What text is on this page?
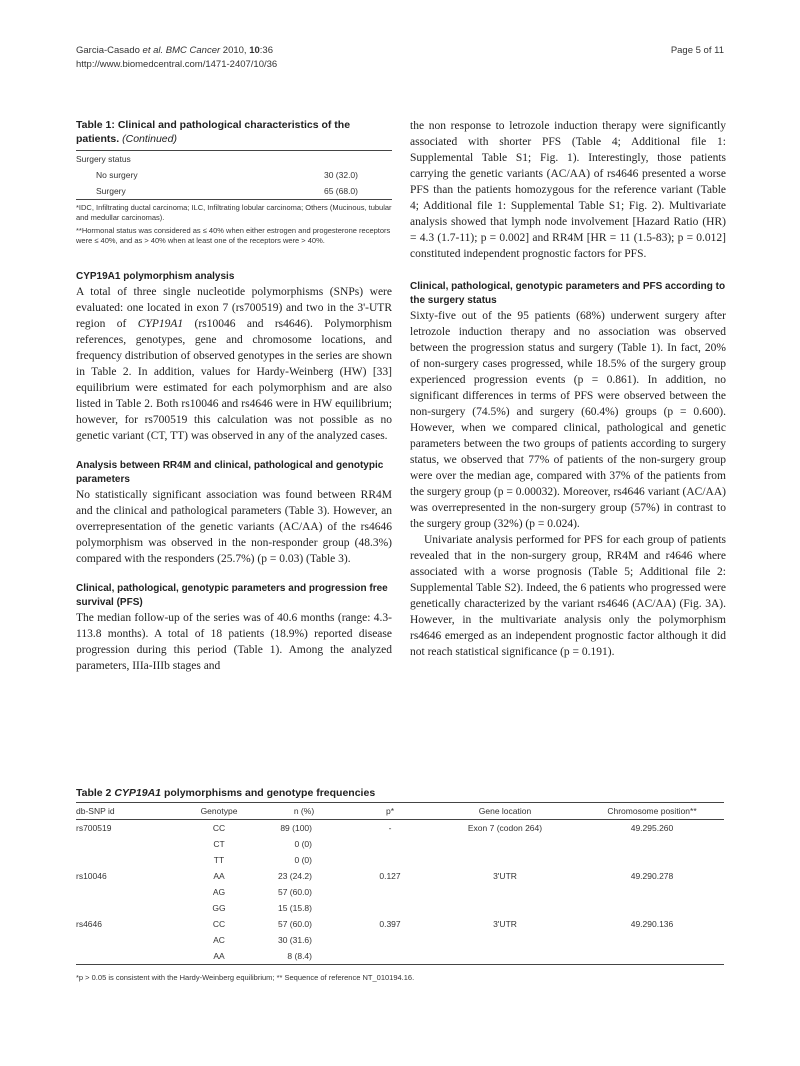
Garcia-Casado et al. BMC Cancer 2010, 10:36
http://www.biomedcentral.com/1471-2407/10/36
Page 5 of 11
Table 1: Clinical and pathological characteristics of the patients. (Continued)
Surgery status	
No surgery	30 (32.0)
Surgery	65 (68.0)

*IDC, Infiltrating ductal carcinoma; ILC, Infiltrating lobular carcinoma; Others (Mucinous, tubular and medullar carcinomas).

**Hormonal status was considered as ≤ 40% when either estrogen and progesterone receptors were ≤ 40%, and as > 40% when at least one of the receptors were > 40%.

CYP19A1 polymorphism analysis

A total of three single nucleotide polymorphisms (SNPs) were evaluated: one located in exon 7 (rs700519) and two in the 3'-UTR region of CYP19A1 (rs10046 and rs4646). Polymorphism references, genotypes, gene and chromosome locations, and frequency distribution of observed genotypes in the series are shown in Table 2. In addition, values for Hardy-Weinberg (HW) [33] equilibrium were estimated for each polymorphism and are also listed in Table 2. Both rs10046 and rs4646 were in HW equilibrium; however, for rs700519 this calculation was not possible as no genetic variant (CT, TT) was observed in any of the analyzed cases.

Analysis between RR4M and clinical, pathological and genotypic parameters

No statistically significant association was found between RR4M and the clinical and pathological parameters (Table 3). However, an overrepresentation of the genetic variants (AC/AA) of the rs4646 polymorphism was observed in the non-responder group (48.3%) compared with the responders (25.7%) (p = 0.03) (Table 3).

Clinical, pathological, genotypic parameters and progression free survival (PFS)

The median follow-up of the series was of 40.6 months (range: 4.3-113.8 months). A total of 18 patients (18.9%) reported disease progression during this period (Table 1). Among the analyzed parameters, IIIa-IIIb stages and

the non response to letrozole induction therapy were significantly associated with shorter PFS (Table 4; Additional file 1: Supplemental Table S1; Fig. 1). Interestingly, those patients carrying the genetic variants (AC/AA) of rs4646 presented a worse PFS than the patients homozygous for the reference variant (Table 4; Additional file 1: Supplemental Table S1; Fig. 2). Multivariate analysis showed that lymph node involvement [Hazard Ratio (HR) = 4.3 (1.7-11); p = 0.002] and RR4M [HR = 11 (1.5-83); p = 0.012] constituted independent prognostic factors for PFS.

Clinical, pathological, genotypic parameters and PFS according to the surgery status

Sixty-five out of the 95 patients (68%) underwent surgery after letrozole induction therapy and no association was observed between the progression status and surgery (Table 1). In fact, 20% of non-surgery cases progressed, while 18.5% of the surgery group experienced progression events (p = 0.861). In addition, no significant differences in terms of PFS were observed between the non-surgery (74.5%) and surgery (60.4%) groups (p = 0.600). However, when we compared clinical, pathological and genetic parameters between the two groups of patients according to surgery status, we observed that 77% of patients of the non-surgery group were over the median age, compared with 37% of the patients from the surgery group (p = 0.00032). Moreover, rs4646 variant (AC/AA) was overrepresented in the non-surgery group (57%) in contrast to the surgery group (32%) (p = 0.024).

Univariate analysis performed for PFS for each group of patients revealed that in the non-surgery group, RR4M and r4646 where associated with a worse prognosis (Table 5; Additional file 2: Supplemental Table S2). Indeed, the 6 patients who progressed were genetically characterized by the variant rs4646 (AC/AA) (Fig. 3A). However, in the multivariate analysis only the polymorphism rs4646 emerged as an independent prognostic factor although it did not reach statistical significance (p = 0.191).

Table 2 CYP19A1 polymorphisms and genotype frequencies
db-SNP id	Genotype	n (%)	p*	Gene location	Chromosome position**
rs700519	CC	89 (100)	-	Exon 7 (codon 264)	49.295.260
	CT	0 (0)			
	TT	0 (0)			
rs10046	AA	23 (24.2)	0.127	3'UTR	49.290.278
	AG	57 (60.0)			
	GG	15 (15.8)			
rs4646	CC	57 (60.0)	0.397	3'UTR	49.290.136
	AC	30 (31.6)			
	AA	8 (8.4)			
*p > 0.05 is consistent with the Hardy-Weinberg equilibrium; ** Sequence of reference NT_010194.16.
